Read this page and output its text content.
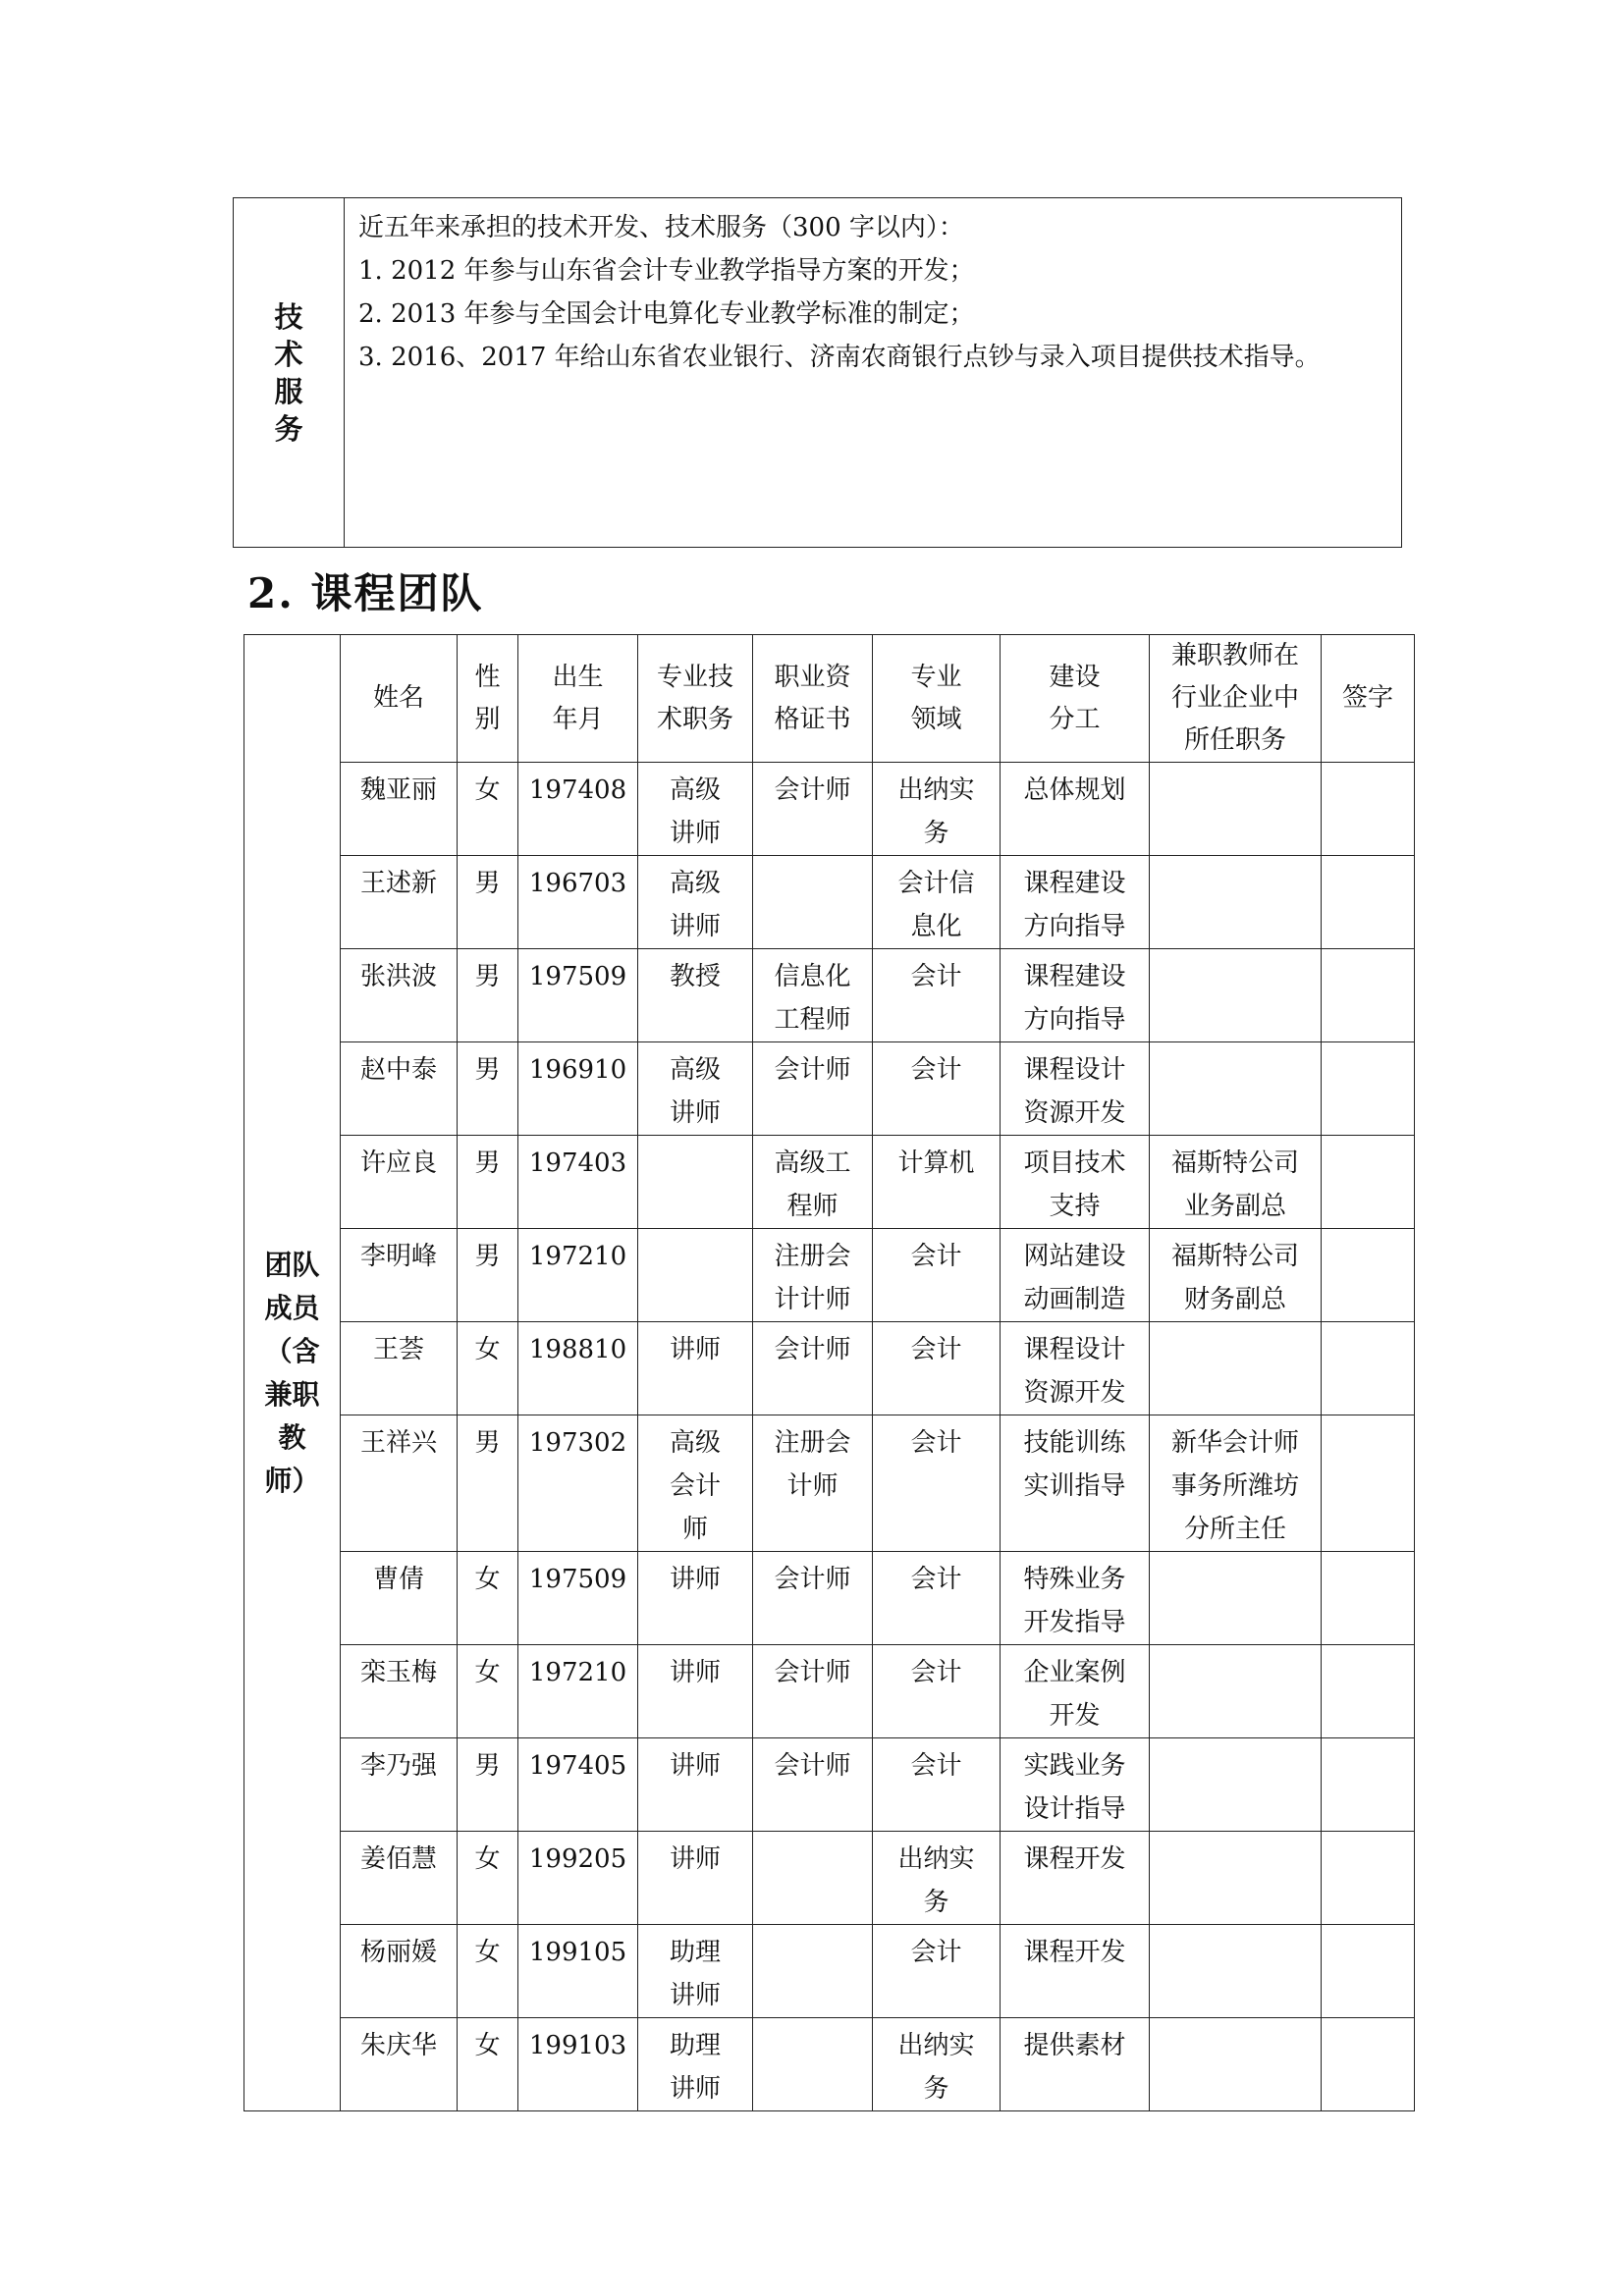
技术服务	
近五年来承担的技术开发、技术服务（300 字以内）：
1. 2012 年参与山东省会计专业教学指导方案的开发；
2. 2013 年参与全国会计电算化专业教学标准的制定；
3. 2016、2017 年给山东省农业银行、济南农商银行点钞与录入项目提供技术指导。
2. 课程团队
团队成员（含兼职教师）	姓名	性别	出生年月	专业技术职务	职业资格证书	专业领域	建设分工	兼职教师在行业企业中所任职务	签字
	魏亚丽	女	197408	高级讲师	会计师	出纳实务	总体规划		
	王述新	男	196703	高级讲师		会计信息化	课程建设方向指导		
	张洪波	男	197509	教授	信息化工程师	会计	课程建设方向指导		
	赵中泰	男	196910	高级讲师	会计师	会计	课程设计资源开发		
	许应良	男	197403		高级工程师	计算机	项目技术支持	福斯特公司业务副总	
	李明峰	男	197210		注册会计计师	会计	网站建设动画制造	福斯特公司财务副总	
	王荟	女	198810	讲师	会计师	会计	课程设计资源开发		
	王祥兴	男	197302	高级会计师	注册会计师	会计	技能训练实训指导	新华会计师事务所潍坊分所主任	
	曹倩	女	197509	讲师	会计师	会计	特殊业务开发指导		
	栾玉梅	女	197210	讲师	会计师	会计	企业案例开发		
	李乃强	男	197405	讲师	会计师	会计	实践业务设计指导		
	姜佰慧	女	199205	讲师		出纳实务	课程开发		
	杨丽媛	女	199105	助理讲师		会计	课程开发		
	朱庆华	女	199103	助理讲师		出纳实务	提供素材		
